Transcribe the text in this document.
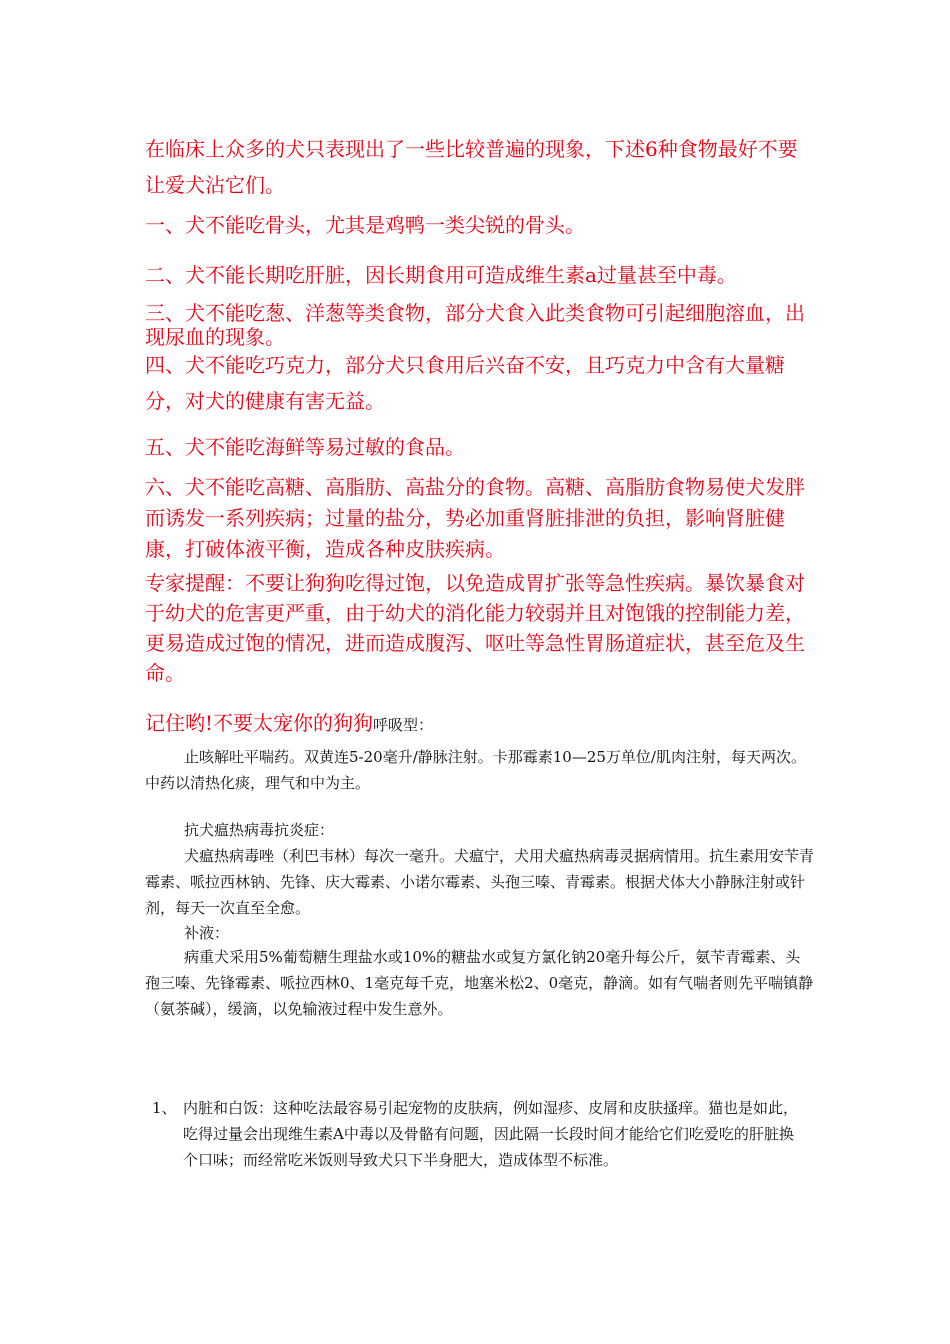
在临床上众多的犬只表现出了一些比较普遍的现象，下述6种食物最好不要让爱犬沾它们。

一、犬不能吃骨头，尤其是鸡鸭一类尖锐的骨头。

二、犬不能长期吃肝脏，因长期食用可造成维生素a过量甚至中毒。

三、犬不能吃葱、洋葱等类食物，部分犬食入此类食物可引起细胞溶血，出现尿血的现象。

四、犬不能吃巧克力，部分犬只食用后兴奋不安，且巧克力中含有大量糖分，对犬的健康有害无益。

五、犬不能吃海鲜等易过敏的食品。

六、犬不能吃高糖、高脂肪、高盐分的食物。高糖、高脂肪食物易使犬发胖而诱发一系列疾病；过量的盐分，势必加重肾脏排泄的负担，影响肾脏健康，打破体液平衡，造成各种皮肤疾病。

专家提醒：不要让狗狗吃得过饱，以免造成胃扩张等急性疾病。暴饮暴食对于幼犬的危害更严重，由于幼犬的消化能力较弱并且对饱饿的控制能力差，更易造成过饱的情况，进而造成腹泻、呕吐等急性胃肠道症状，甚至危及生命。

记住哟!不要太宠你的狗狗呼吸型：

止咳解吐平喘药。双黄连5-20毫升/静脉注射。卡那霉素10—25万单位/肌肉注射，每天两次。中药以清热化痰，理气和中为主。

抗犬瘟热病毒抗炎症：

犬瘟热病毒唑（利巴韦林）每次一毫升。犬瘟宁，犬用犬瘟热病毒灵据病情用。抗生素用安苄青霉素、哌拉西林钠、先锋、庆大霉素、小诺尔霉素、头孢三嗪、青霉素。根据犬体大小静脉注射或针剂，每天一次直至全愈。

补液：

病重犬采用5%葡萄糖生理盐水或10%的糖盐水或复方氯化钠20毫升每公斤，氨苄青霉素、头孢三嗪、先锋霉素、哌拉西林0、1毫克每千克，地塞米松2、0毫克，静滴。如有气喘者则先平喘镇静（氨茶碱），缓滴，以免输液过程中发生意外。

1、 内脏和白饭：这种吃法最容易引起宠物的皮肤病，例如湿疹、皮屑和皮肤搔痒。猫也是如此，吃得过量会出现维生素A中毒以及骨骼有问题，因此隔一长段时间才能给它们吃爱吃的肝脏换个口味；而经常吃米饭则导致犬只下半身肥大，造成体型不标准。
